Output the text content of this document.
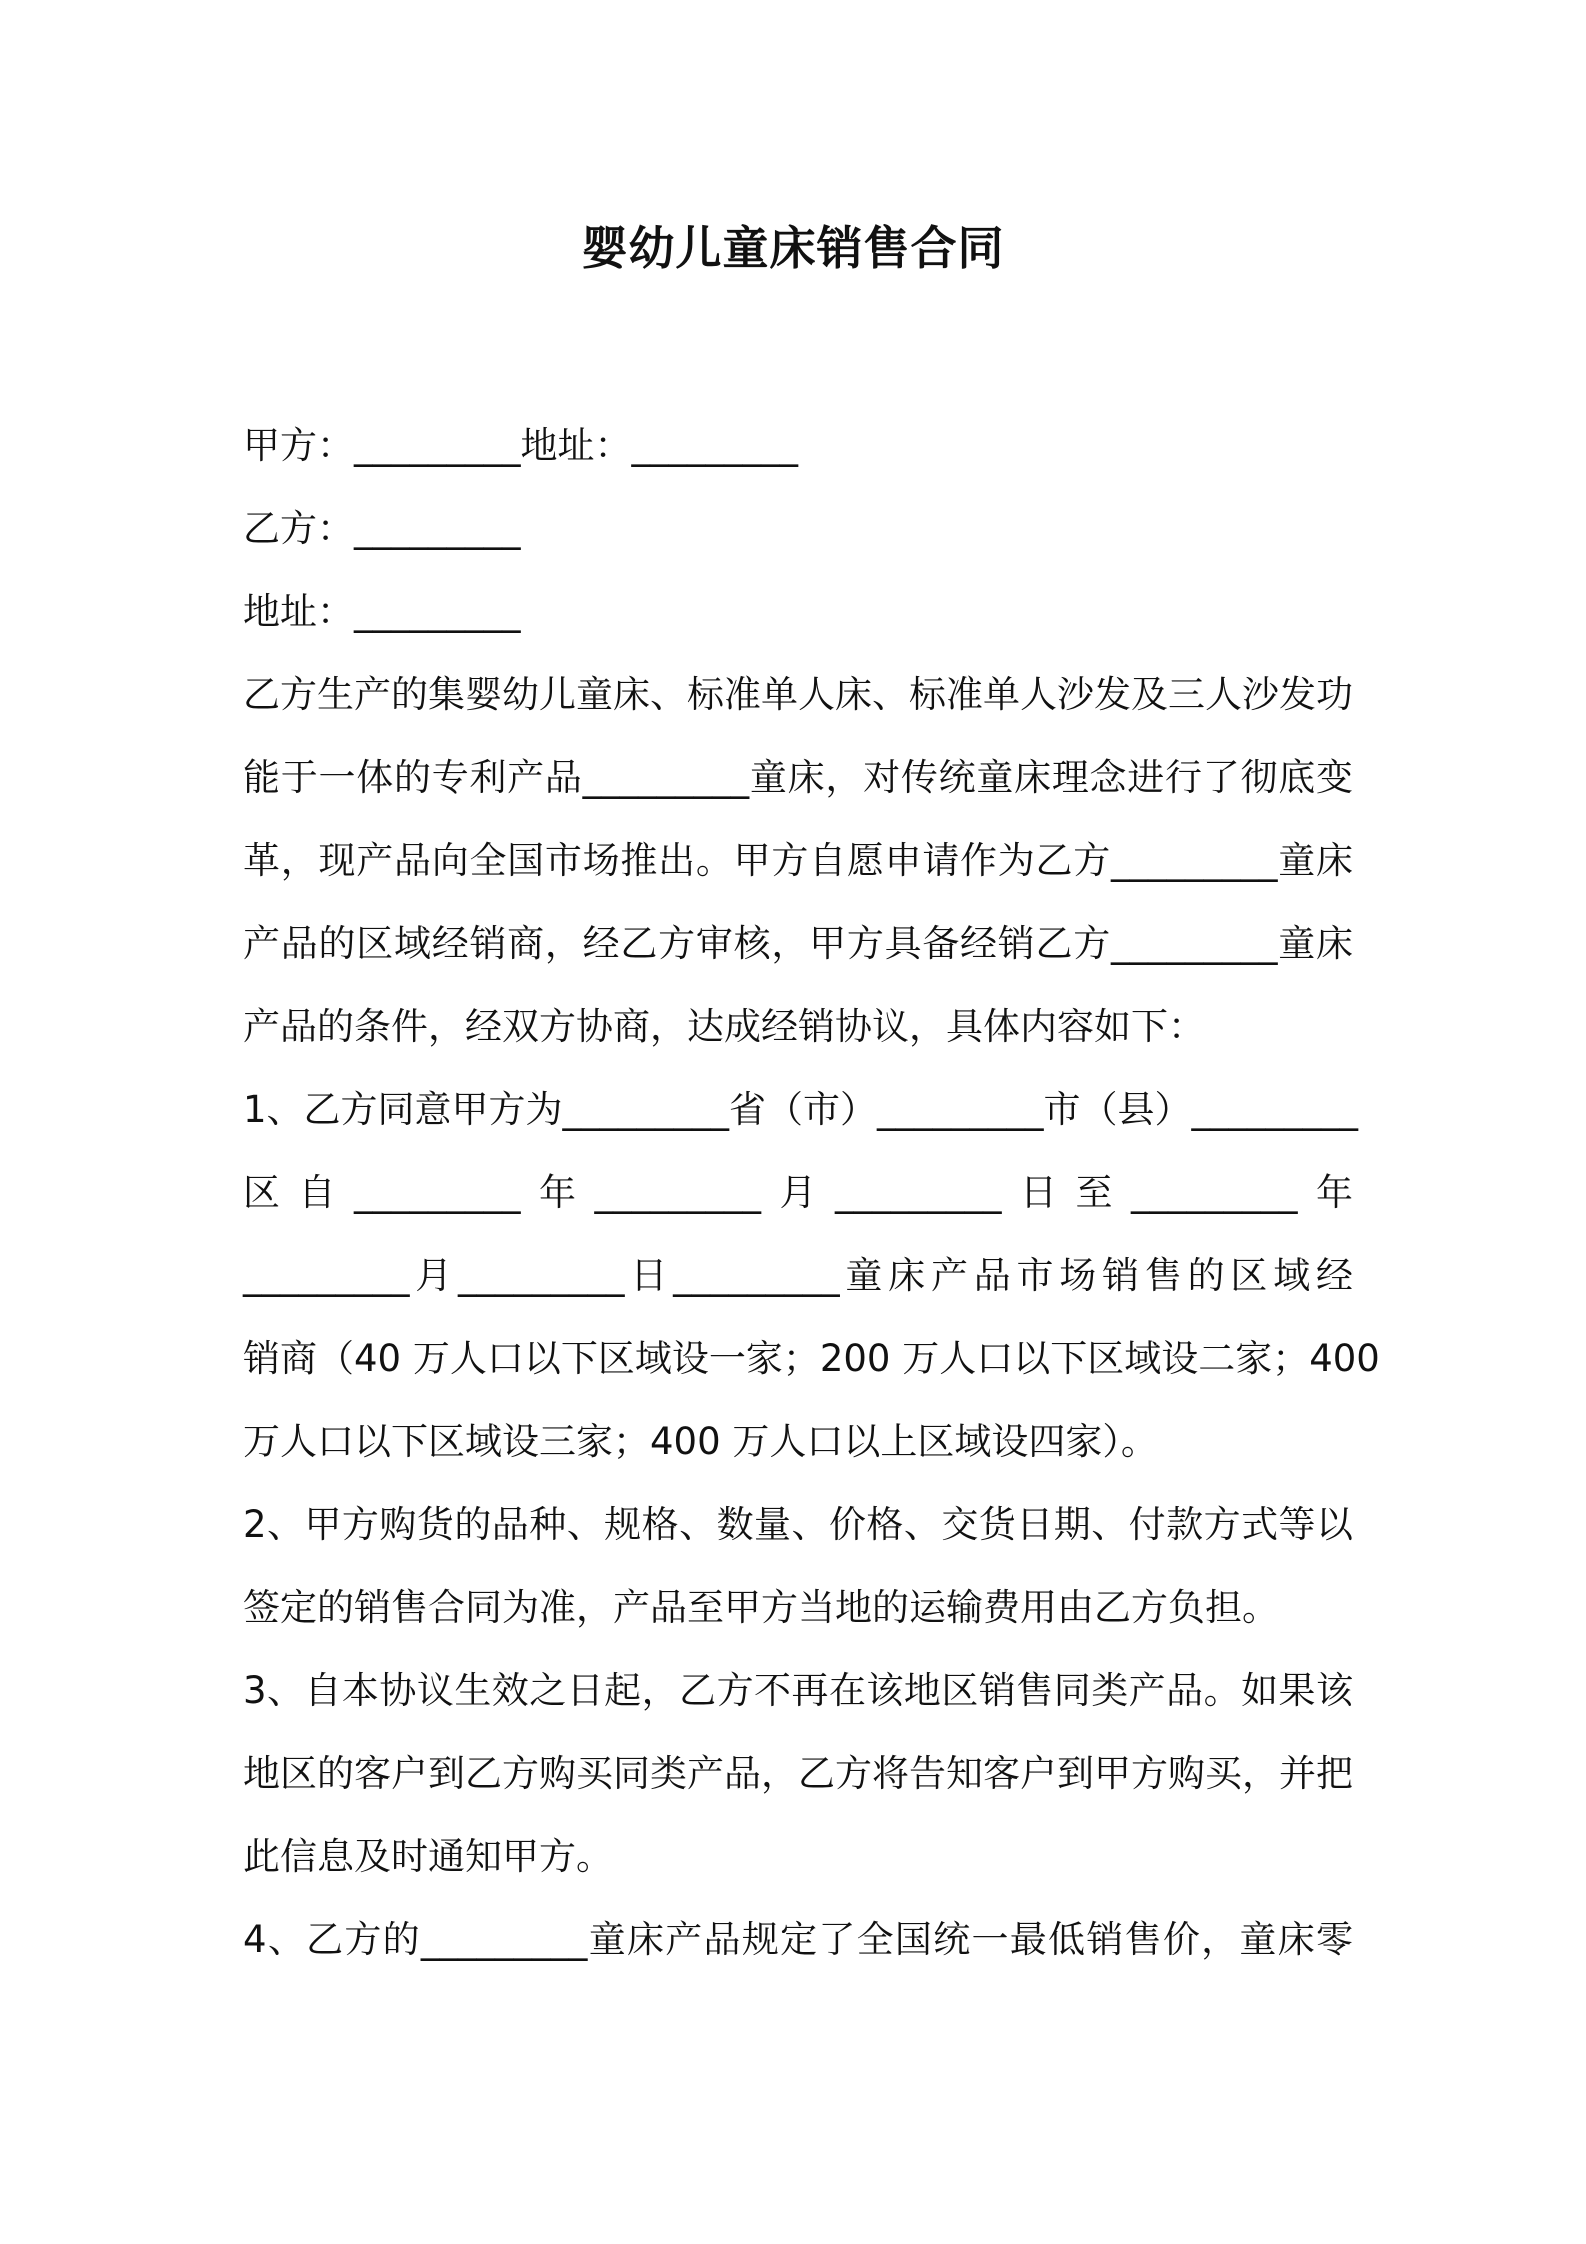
婴幼儿童床销售合同
甲方：_________地址：_________
乙方：_________
地址：_________
乙方生产的集婴幼儿童床、标准单人床、标准单人沙发及三人沙发功
能于一体的专利产品_________童床，对传统童床理念进行了彻底变
革，现产品向全国市场推出。甲方自愿申请作为乙方_________童床
产品的区域经销商，经乙方审核，甲方具备经销乙方_________童床
产品的条件，经双方协商，达成经销协议，具体内容如下：
1、乙方同意甲方为_________省（市）_________市（县）_________
区自_________年_________月_________日至_________年
_________月_________日_________童床产品市场销售的区域经
销商（40 万人口以下区域设一家；200 万人口以下区域设二家；400
万人口以下区域设三家；400 万人口以上区域设四家）。
2、甲方购货的品种、规格、数量、价格、交货日期、付款方式等以
签定的销售合同为准，产品至甲方当地的运输费用由乙方负担。
3、自本协议生效之日起，乙方不再在该地区销售同类产品。如果该
地区的客户到乙方购买同类产品，乙方将告知客户到甲方购买，并把
此信息及时通知甲方。
4、乙方的_________童床产品规定了全国统一最低销售价，童床零
